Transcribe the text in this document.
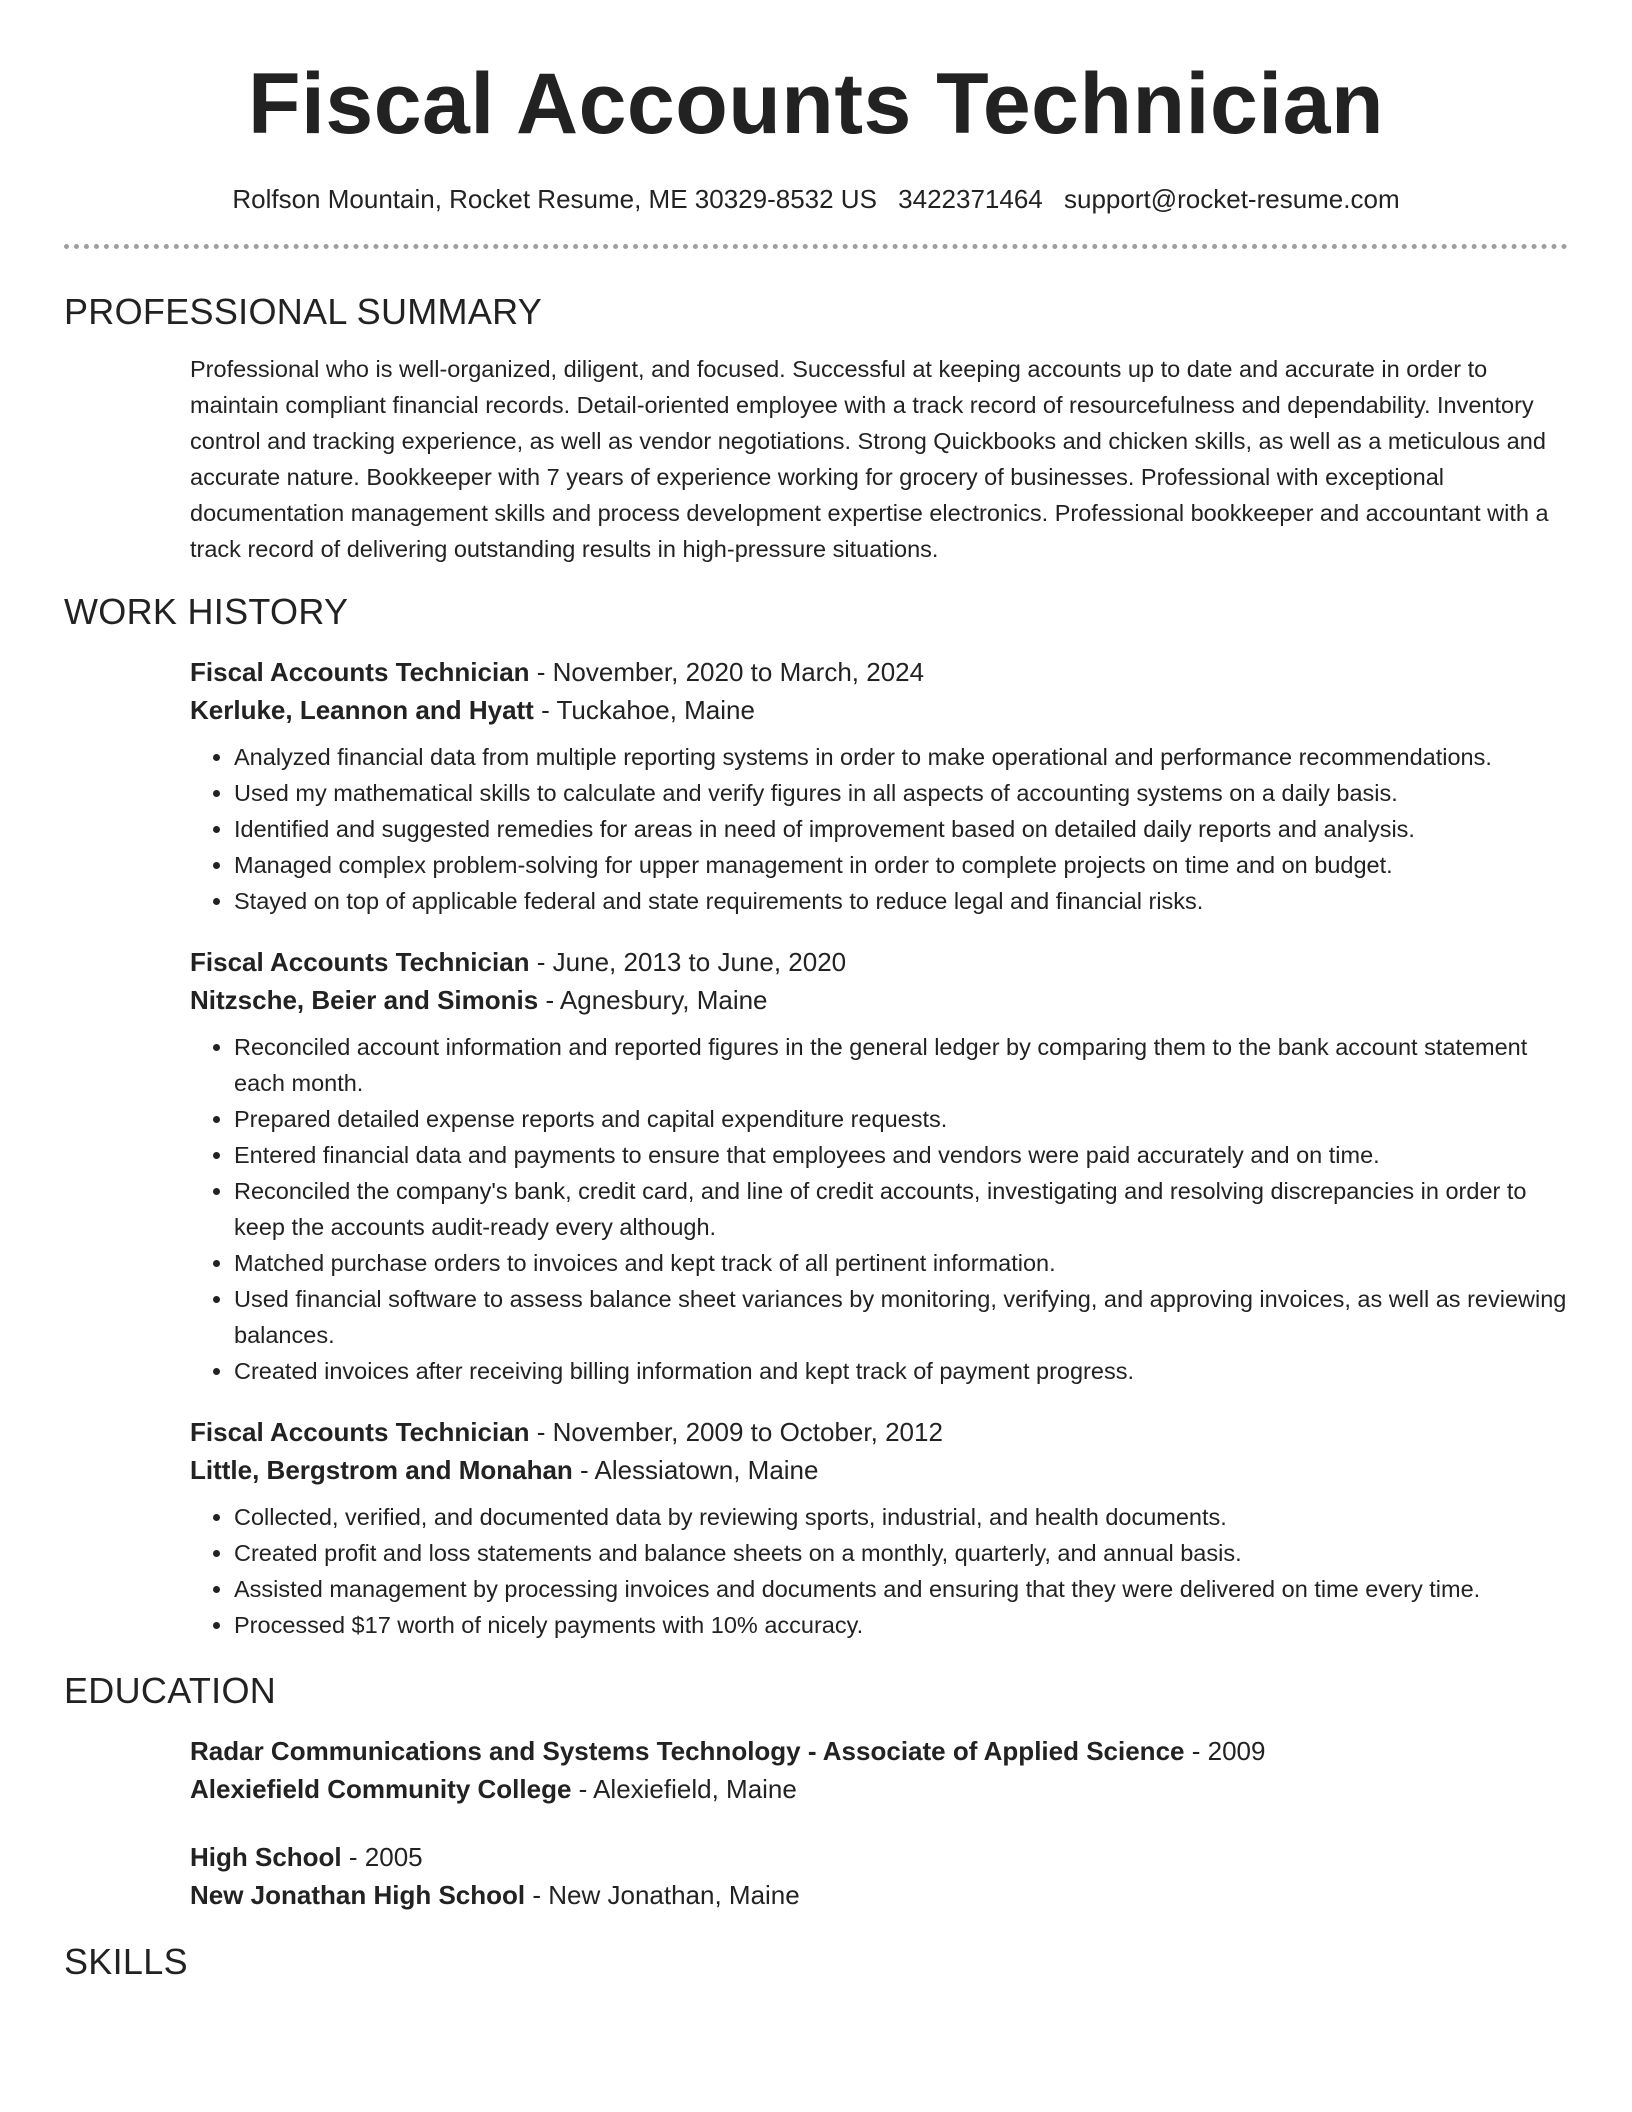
Fiscal Accounts Technician
Rolfson Mountain, Rocket Resume, ME 30329-8532 US 3422371464 support@rocket-resume.com
PROFESSIONAL SUMMARY

Professional who is well-organized, diligent, and focused. Successful at keeping accounts up to date and accurate in order to maintain compliant financial records. Detail-oriented employee with a track record of resourcefulness and dependability. Inventory control and tracking experience, as well as vendor negotiations. Strong Quickbooks and chicken skills, as well as a meticulous and accurate nature. Bookkeeper with 7 years of experience working for grocery of businesses. Professional with exceptional documentation management skills and process development expertise electronics. Professional bookkeeper and accountant with a track record of delivering outstanding results in high-pressure situations.

WORK HISTORY
Fiscal Accounts Technician - November, 2020 to March, 2024
Kerluke, Leannon and Hyatt - Tuckahoe, Maine
• Analyzed financial data from multiple reporting systems in order to make operational and performance recommendations.
• Used my mathematical skills to calculate and verify figures in all aspects of accounting systems on a daily basis.
• Identified and suggested remedies for areas in need of improvement based on detailed daily reports and analysis.
• Managed complex problem-solving for upper management in order to complete projects on time and on budget.
• Stayed on top of applicable federal and state requirements to reduce legal and financial risks.
Fiscal Accounts Technician - June, 2013 to June, 2020
Nitzsche, Beier and Simonis - Agnesbury, Maine
• Reconciled account information and reported figures in the general ledger by comparing them to the bank account statement each month.
• Prepared detailed expense reports and capital expenditure requests.
• Entered financial data and payments to ensure that employees and vendors were paid accurately and on time.
• Reconciled the company's bank, credit card, and line of credit accounts, investigating and resolving discrepancies in order to keep the accounts audit-ready every although.
• Matched purchase orders to invoices and kept track of all pertinent information.
• Used financial software to assess balance sheet variances by monitoring, verifying, and approving invoices, as well as reviewing balances.
• Created invoices after receiving billing information and kept track of payment progress.
Fiscal Accounts Technician - November, 2009 to October, 2012
Little, Bergstrom and Monahan - Alessiatown, Maine
• Collected, verified, and documented data by reviewing sports, industrial, and health documents.
• Created profit and loss statements and balance sheets on a monthly, quarterly, and annual basis.
• Assisted management by processing invoices and documents and ensuring that they were delivered on time every time.
• Processed $17 worth of nicely payments with 10% accuracy.
EDUCATION
Radar Communications and Systems Technology - Associate of Applied Science - 2009
Alexiefield Community College - Alexiefield, Maine
High School - 2005
New Jonathan High School - New Jonathan, Maine
SKILLS
